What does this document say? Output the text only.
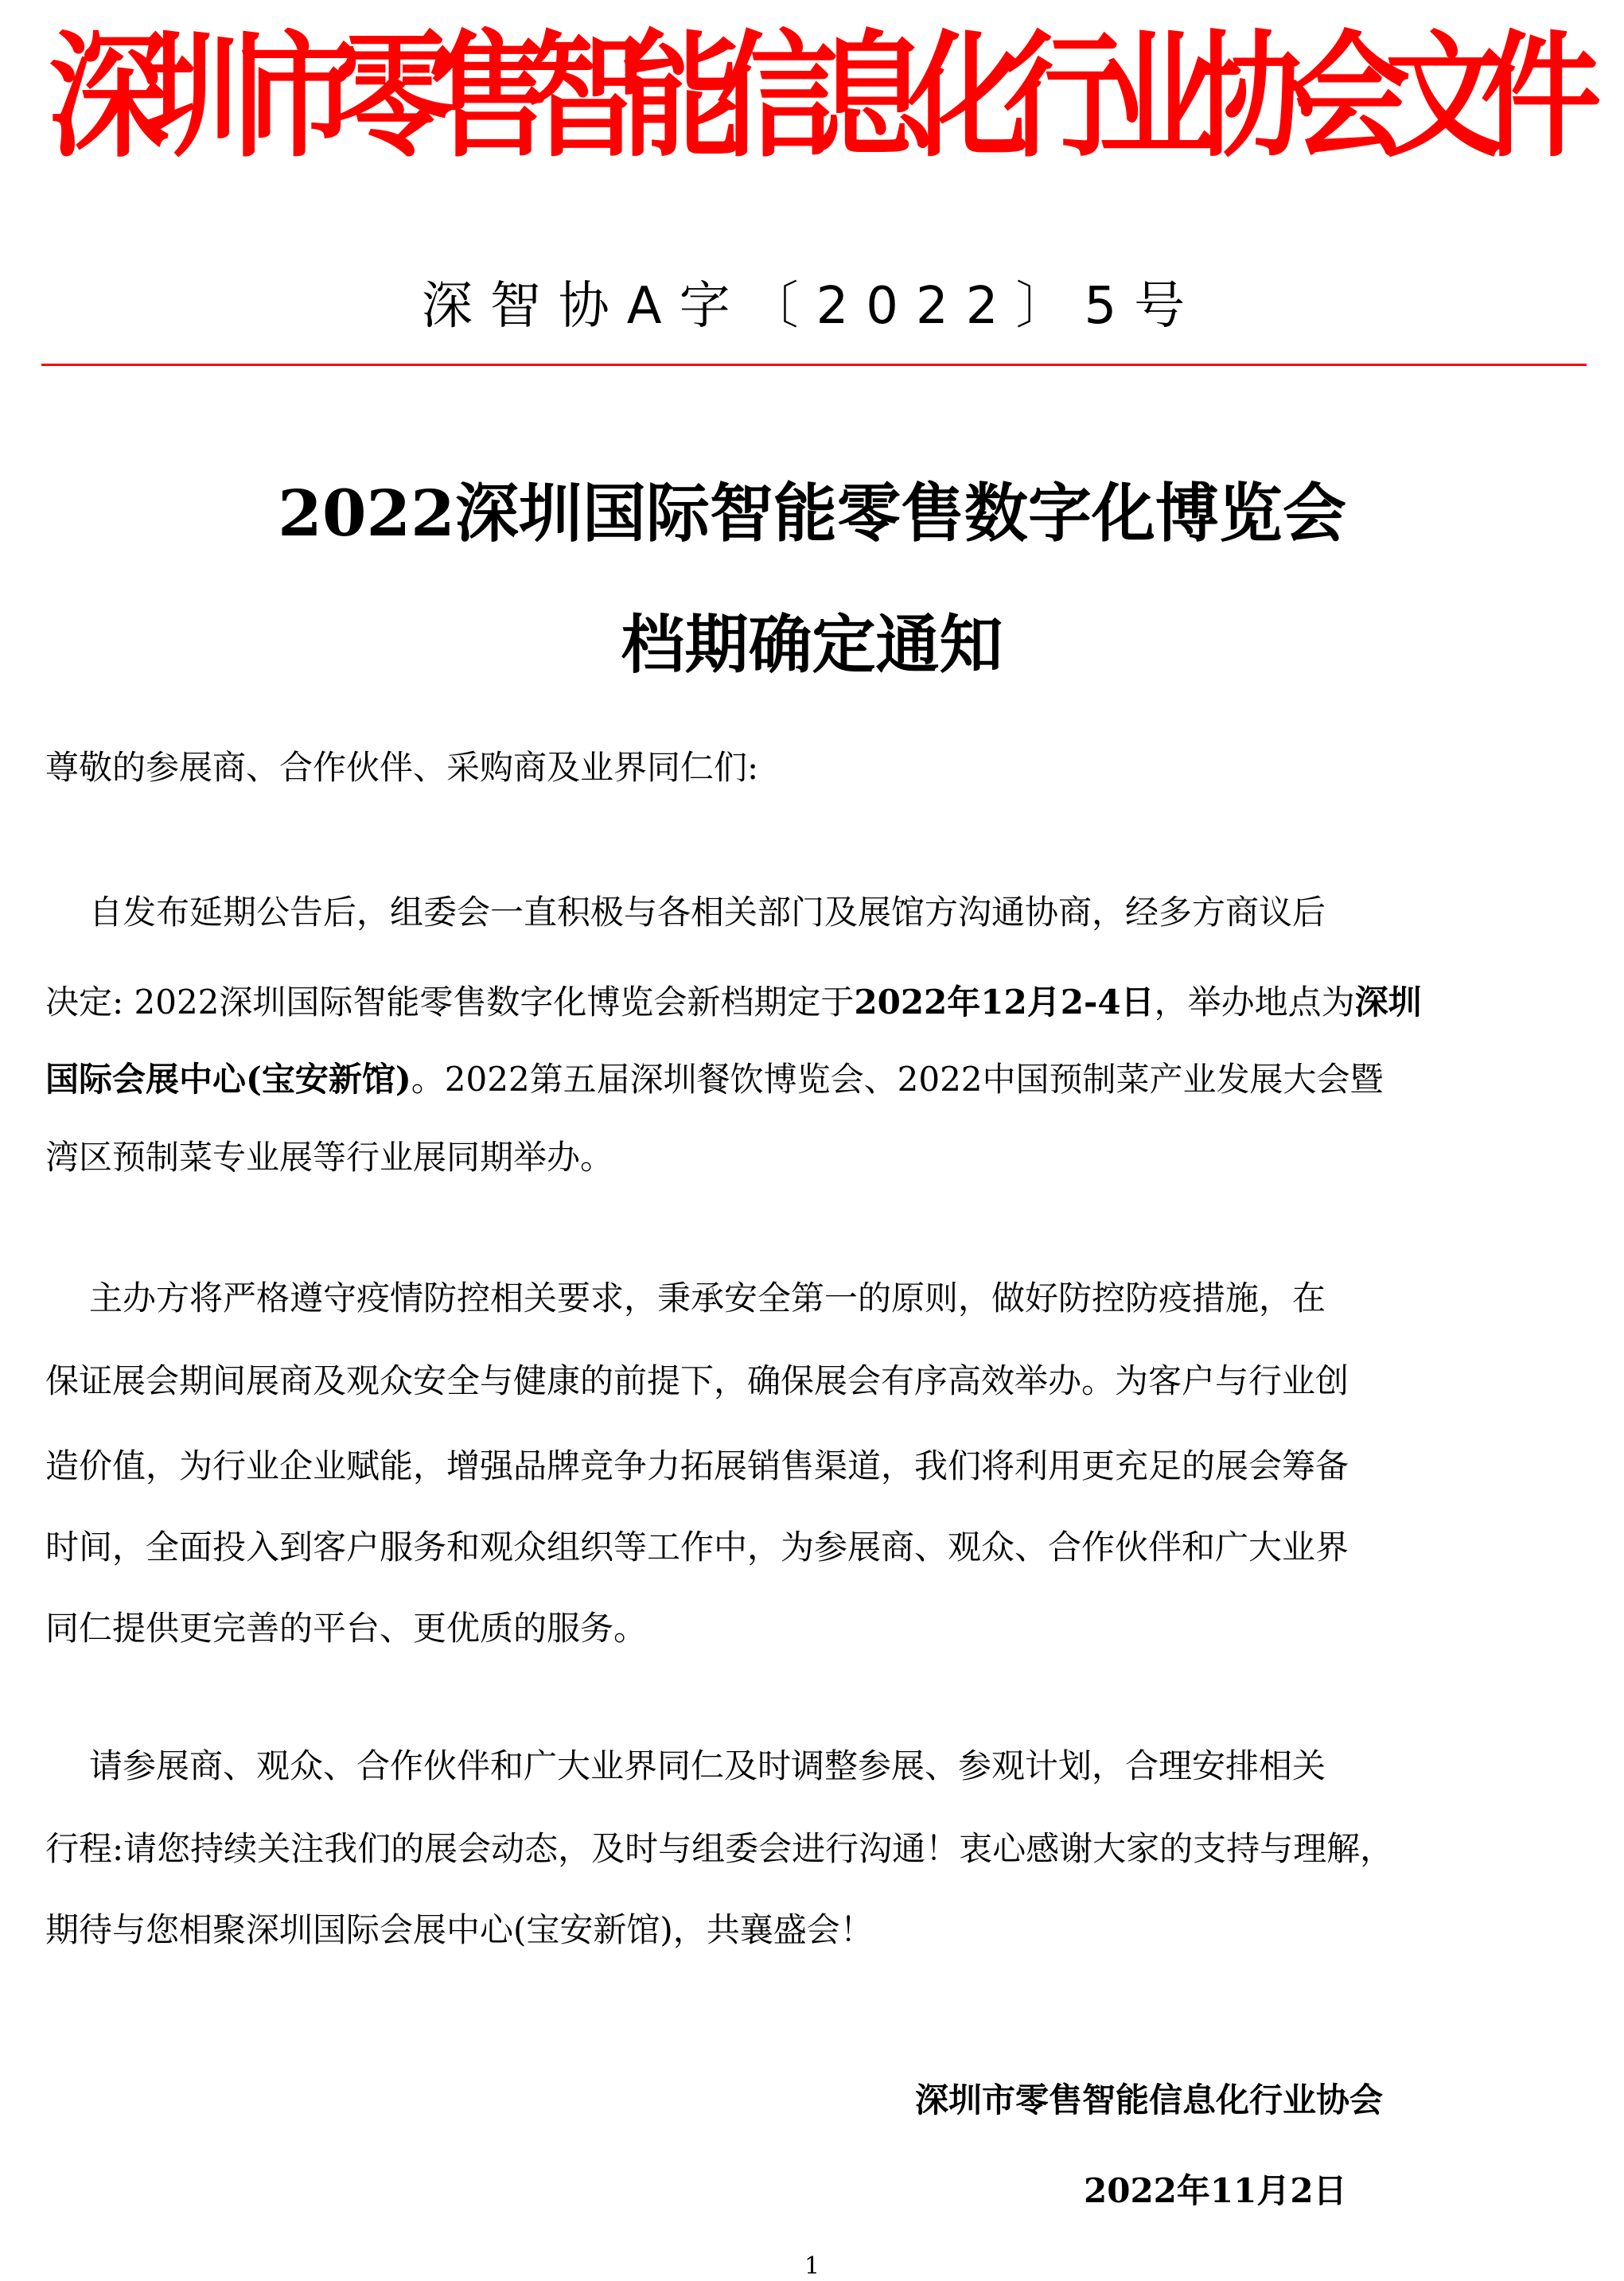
深圳市零售智能信息化行业协会文件
深智协A字〔2022〕5号
2022深圳国际智能零售数字化博览会
档期确定通知
尊敬的参展商、合作伙伴、采购商及业界同仁们:
自发布延期公告后，组委会一直积极与各相关部门及展馆方沟通协商，经多方商议后
决定: 2022深圳国际智能零售数字化博览会新档期定于2022年12月2-4日，举办地点为深圳
国际会展中心(宝安新馆)。2022第五届深圳餐饮博览会、2022中国预制菜产业发展大会暨
湾区预制菜专业展等行业展同期举办。
主办方将严格遵守疫情防控相关要求，秉承安全第一的原则，做好防控防疫措施，在
保证展会期间展商及观众安全与健康的前提下，确保展会有序高效举办。为客户与行业创
造价值，为行业企业赋能，增强品牌竞争力拓展销售渠道，我们将利用更充足的展会筹备
时间，全面投入到客户服务和观众组织等工作中，为参展商、观众、合作伙伴和广大业界
同仁提供更完善的平台、更优质的服务。
请参展商、观众、合作伙伴和广大业界同仁及时调整参展、参观计划，合理安排相关
行程:请您持续关注我们的展会动态，及时与组委会进行沟通！衷心感谢大家的支持与理解，
期待与您相聚深圳国际会展中心(宝安新馆)，共襄盛会！
深圳市零售智能信息化行业协会
2022年11月2日
1
